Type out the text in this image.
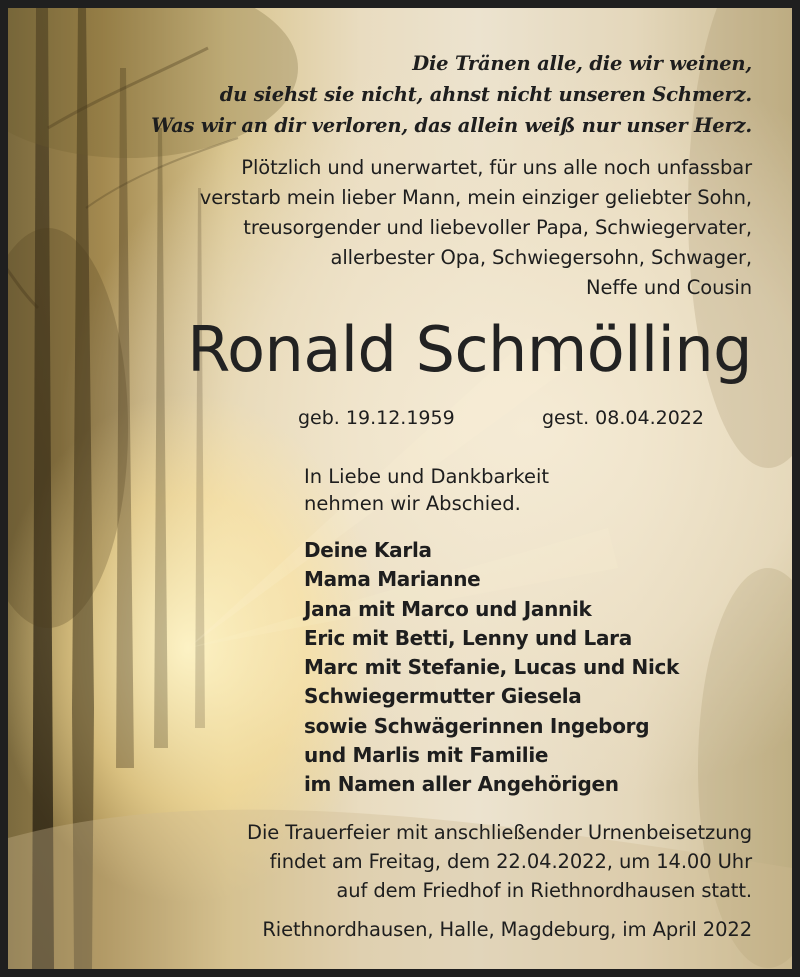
Die Tränen alle, die wir weinen,
du siehst sie nicht, ahnst nicht unseren Schmerz.
Was wir an dir verloren, das allein weiß nur unser Herz.
Plötzlich und unerwartet, für uns alle noch unfassbar
verstarb mein lieber Mann, mein einziger geliebter Sohn,
treusorgender und liebevoller Papa, Schwiegervater,
allerbester Opa, Schwiegersohn, Schwager,
Neffe und Cousin
Ronald Schmölling
geb. 19.12.1959	gest. 08.04.2022
In Liebe und Dankbarkeit
nehmen wir Abschied.
Deine Karla
Mama Marianne
Jana mit Marco und Jannik
Eric mit Betti, Lenny und Lara
Marc mit Stefanie, Lucas und Nick
Schwiegermutter Giesela
sowie Schwägerinnen Ingeborg
und Marlis mit Familie
im Namen aller Angehörigen
Die Trauerfeier mit anschließender Urnenbeisetzung
findet am Freitag, dem 22.04.2022, um 14.00 Uhr
auf dem Friedhof in Riethnordhausen statt.
Riethnordhausen, Halle, Magdeburg, im April 2022
